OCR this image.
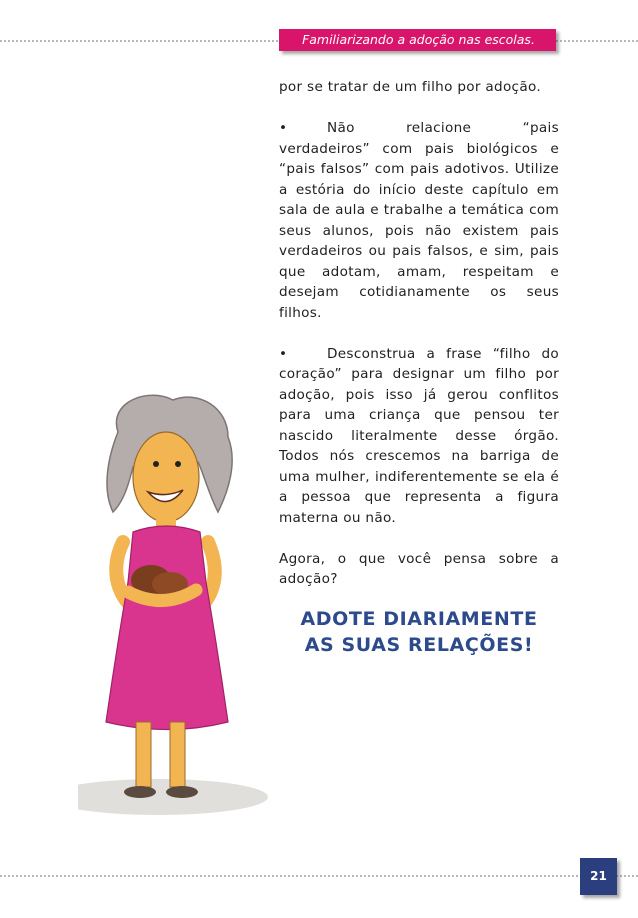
Familiarizando a adoção nas escolas.

por se tratar de um filho por adoção.

•	Não relacione “pais verdadeiros” com pais biológicos e “pais falsos” com pais adotivos. Utilize a estória do início deste capítulo em sala de aula e trabalhe a temática com seus alunos, pois não existem pais verdadeiros ou pais falsos, e sim, pais que adotam, amam, respeitam e desejam cotidianamente os seus filhos.

•	Desconstrua a frase “filho do coração” para designar um filho por adoção, pois isso já gerou conflitos para uma criança que pensou ter nascido literalmente desse órgão. Todos nós crescemos na barriga de uma mulher, indiferentemente se ela é a pessoa que representa a figura materna ou não.

Agora, o que você pensa sobre a adoção?

ADOTE DIARIAMENTE
AS SUAS RELAÇÕES!
21
